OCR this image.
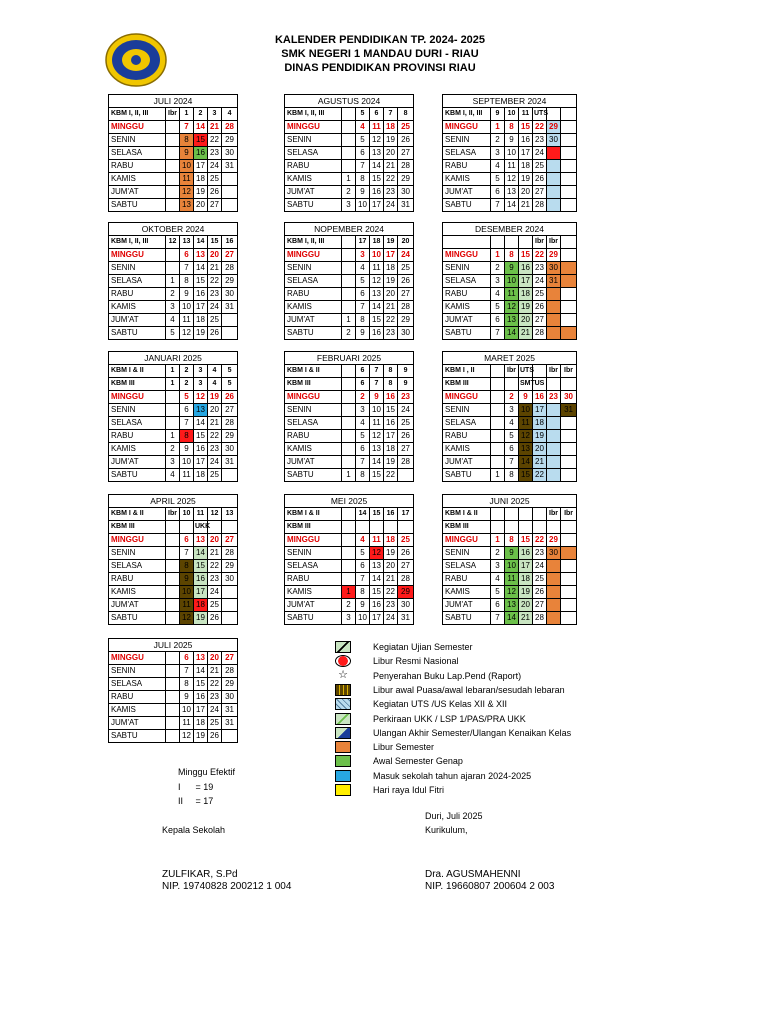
KALENDER PENDIDIKAN TP. 2024- 2025
SMK NEGERI 1 MANDAU DURI - RIAU
DINAS PENDIDIKAN PROVINSI RIAU
JULI 2024					
KBM I, II, III	Ibr	1	2	3	4
MINGGU		7	14	21	28
SENIN		8	15	22	29
SELASA		9	16	23	30
RABU		10	17	24	31
KAMIS		11	18	25	
JUM'AT		12	19	26	
SABTU		13	20	27	
AGUSTUS 2024					
KBM I, II, III		5	6	7	8
MINGGU		4	11	18	25
SENIN		5	12	19	26
SELASA		6	13	20	27
RABU		7	14	21	28
KAMIS	1	8	15	22	29
JUM'AT	2	9	16	23	30
SABTU	3	10	17	24	31
SEPTEMBER 2024						
KBM I, II, III	9	10	11	UTS		
MINGGU	1	8	15	22	29	
SENIN	2	9	16	23	30	
SELASA	3	10	17	24		
RABU	4	11	18	25		
KAMIS	5	12	19	26		
JUM'AT	6	13	20	27		
SABTU	7	14	21	28		
OKTOBER 2024					
KBM I, II, III	12	13	14	15	16
MINGGU		6	13	20	27
SENIN		7	14	21	28
SELASA	1	8	15	22	29
RABU	2	9	16	23	30
KAMIS	3	10	17	24	31
JUM'AT	4	11	18	25	
SABTU	5	12	19	26	
NOPEMBER 2024					
KBM I, II, III		17	18	19	20
MINGGU		3	10	17	24
SENIN		4	11	18	25
SELASA		5	12	19	26
RABU		6	13	20	27
KAMIS		7	14	21	28
JUM'AT	1	8	15	22	29
SABTU	2	9	16	23	30
DESEMBER 2024						
				Ibr	Ibr	
MINGGU	1	8	15	22	29	
SENIN	2	9	16	23	30	
SELASA	3	10	17	24	31	
RABU	4	11	18	25		
KAMIS	5	12	19	26		
JUM'AT	6	13	20	27		
SABTU	7	14	21	28		
JANUARI 2025					
KBM I & II	1	2	3	4	5
KBM III	1	2	3	4	5
MINGGU		5	12	19	26
SENIN		6	13	20	27
SELASA		7	14	21	28
RABU	1	8	15	22	29
KAMIS	2	9	16	23	30
JUM'AT	3	10	17	24	31
SABTU	4	11	18	25	
FEBRUARI 2025					
KBM I & II		6	7	8	9
KBM III		6	7	8	9
MINGGU		2	9	16	23
SENIN		3	10	15	24
SELASA		4	11	16	25
RABU		5	12	17	26
KAMIS		6	13	18	27
JUM'AT		7	14	19	28
SABTU	1	8	15	22	
MARET 2025						
KBM I , II		Ibr	UTS		Ibr	Ibr
KBM III			SMT	US		
MINGGU		2	9	16	23	30
SENIN		3	10	17		31
SELASA		4	11	18		
RABU		5	12	19		
KAMIS		6	13	20		
JUM'AT		7	14	21		
SABTU	1	8	15	22		
APRIL 2025					
KBM I & II	Ibr	10	11	12	13
KBM III			UKK		
MINGGU		6	13	20	27
SENIN		7	14	21	28
SELASA		8	15	22	29
RABU		9	16	23	30
KAMIS		10	17	24	
JUM'AT		11	18	25	
SABTU		12	19	26	
MEI 2025					
KBM I & II		14	15	16	17
KBM III					
MINGGU		4	11	18	25
SENIN		5	12	19	26
SELASA		6	13	20	27
RABU		7	14	21	28
KAMIS	1	8	15	22	29
JUM'AT	2	9	16	23	30
SABTU	3	10	17	24	31
JUNI 2025						
KBM I & II					Ibr	Ibr
KBM III						
MINGGU	1	8	15	22	29	
SENIN	2	9	16	23	30	
SELASA	3	10	17	24		
RABU	4	11	18	25		
KAMIS	5	12	19	26		
JUM'AT	6	13	20	27		
SABTU	7	14	21	28		
JULI 2025					
MINGGU		6	13	20	27
SENIN		7	14	21	28
SELASA		8	15	22	29
RABU		9	16	23	30
KAMIS		10	17	24	31
JUM'AT		11	18	25	31
SABTU		12	19	26	
Kegiatan Ujian Semester
Libur Resmi Nasional
☆	Penyerahan Buku Lap.Pend (Raport)
Libur awal Puasa/awal lebaran/sesudah lebaran
Kegiatan UTS /US Kelas XII & XII
Perkiraan UKK / LSP 1/PAS/PRA UKK
Ulangan Akhir Semester/Ulangan Kenaikan Kelas
Libur Semester
Awal Semester Genap
Masuk sekolah tahun ajaran 2024-2025
Hari raya Idul Fitri
Minggu Efektif
I      = 19
II     = 17
Duri, Juli 2025
Kepala Sekolah	Kurikulum,
ZULFIKAR, S.Pd
NIP. 19740828 200212 1 004
Dra. AGUSMAHENNI
NIP. 19660807 200604 2 003
